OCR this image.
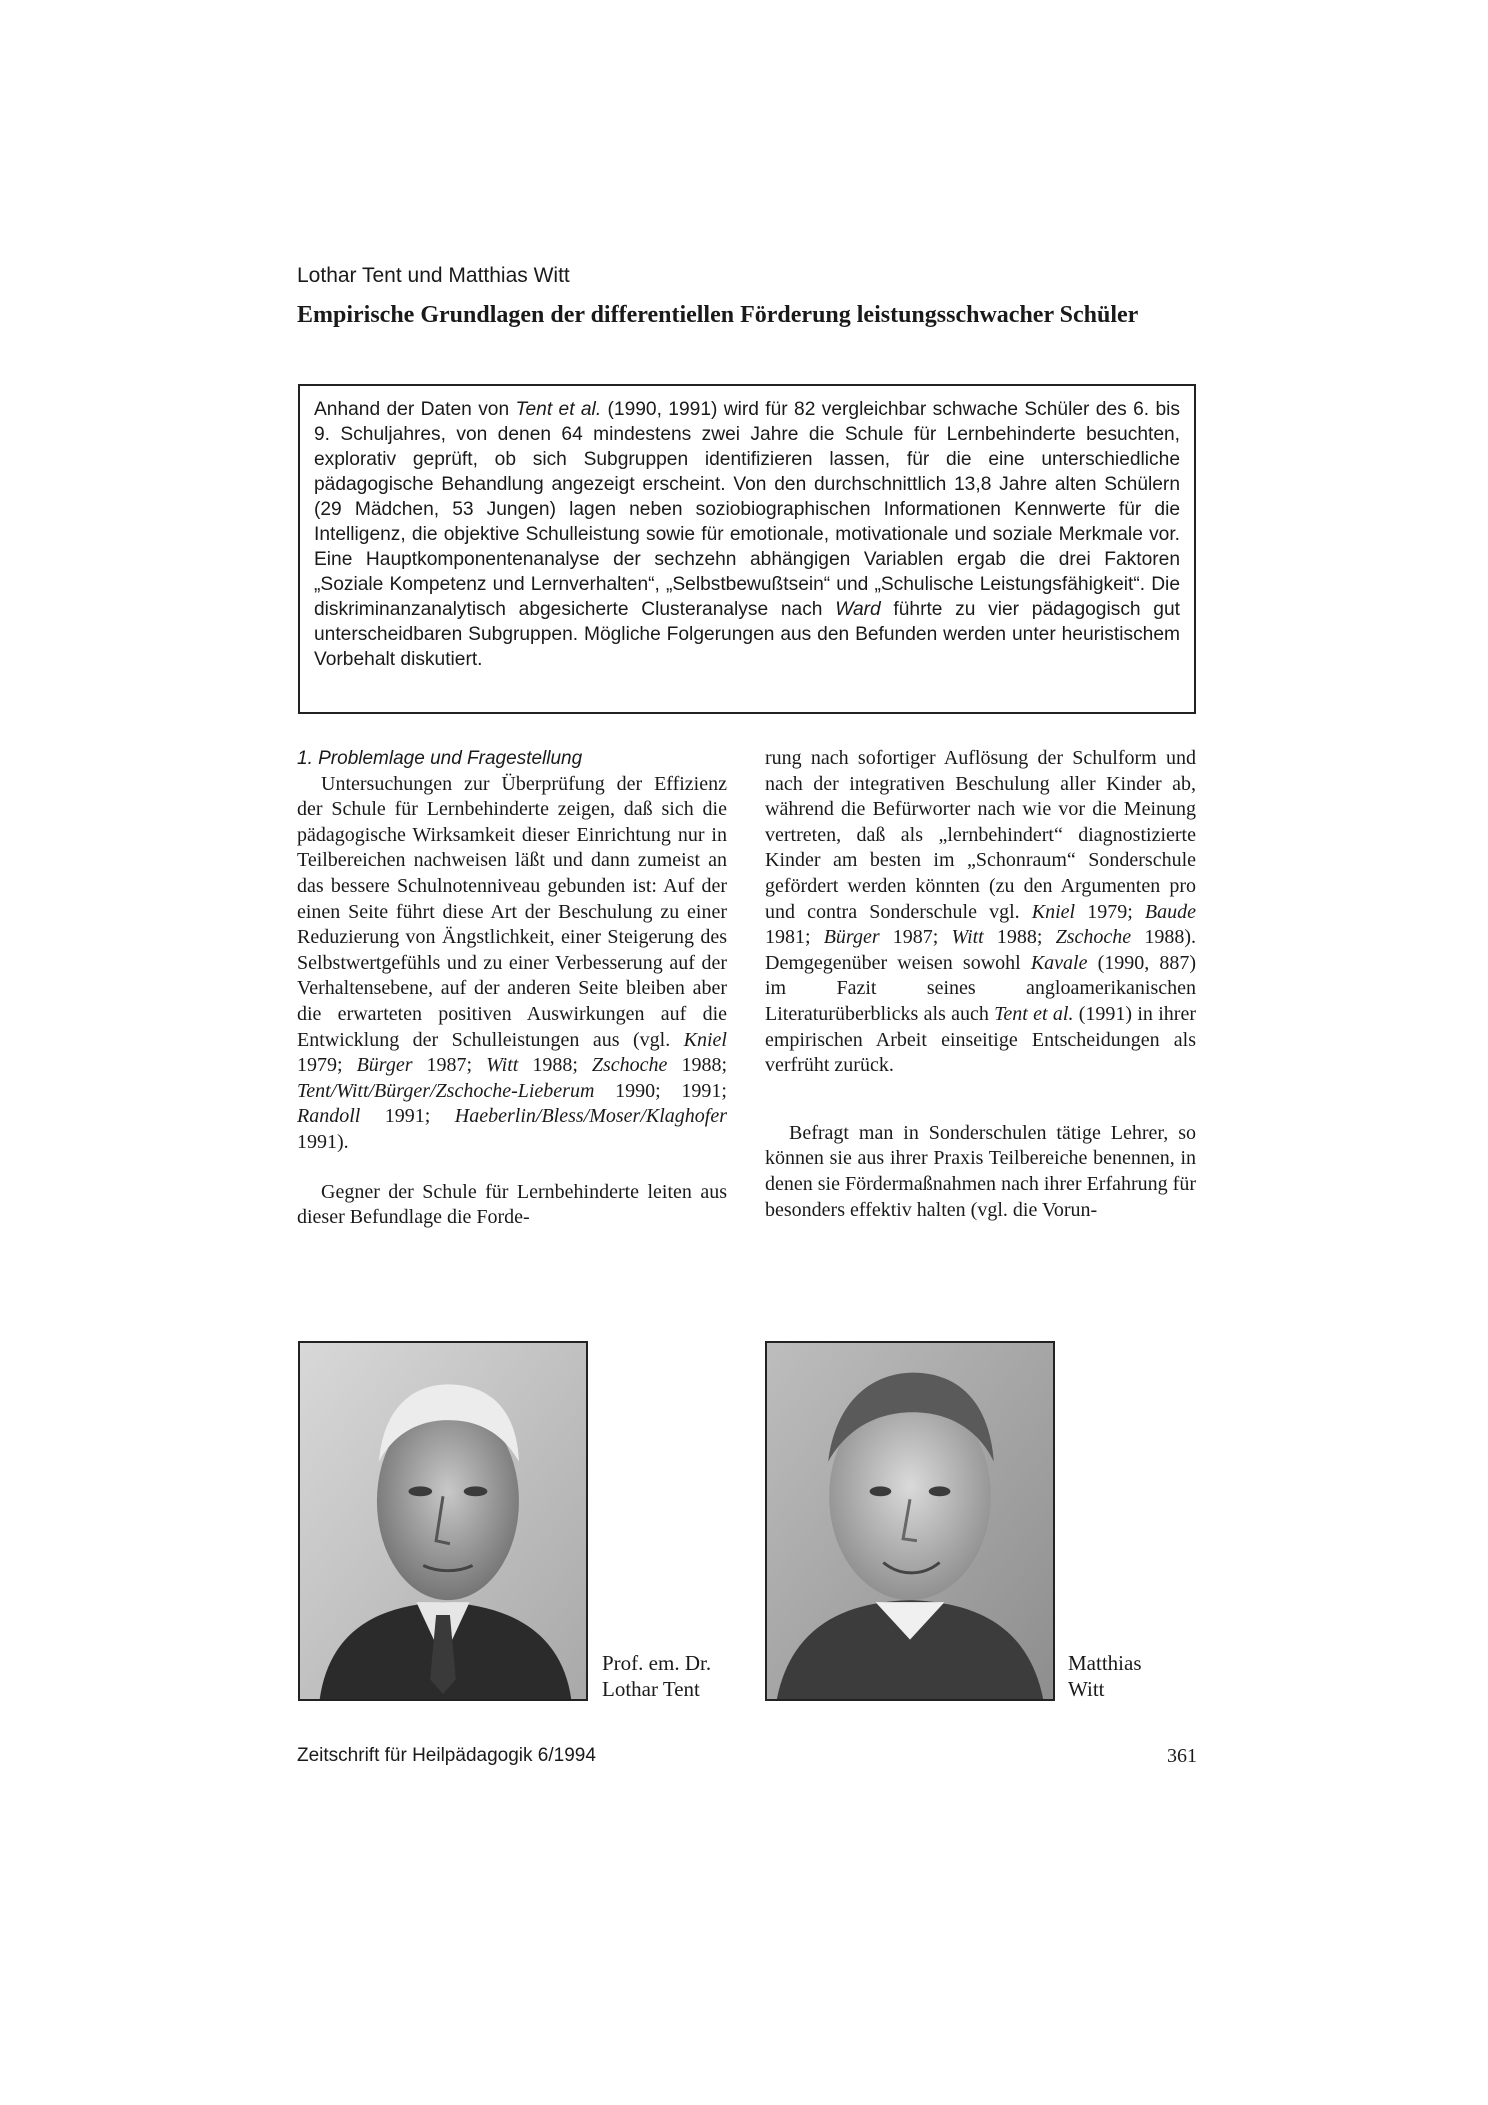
Lothar Tent und Matthias Witt
Empirische Grundlagen der differentiellen Förderung leistungsschwacher Schüler

Anhand der Daten von Tent et al. (1990, 1991) wird für 82 vergleichbar schwache Schüler des 6. bis 9. Schuljahres, von denen 64 mindestens zwei Jahre die Schule für Lernbehinderte besuchten, explorativ geprüft, ob sich Subgruppen identifizieren lassen, für die eine unterschiedliche pädagogische Behandlung angezeigt erscheint. Von den durchschnittlich 13,8 Jahre alten Schülern (29 Mädchen, 53 Jungen) lagen neben soziobiographischen Informationen Kennwerte für die Intelligenz, die objektive Schulleistung sowie für emotionale, motivationale und soziale Merkmale vor. Eine Hauptkomponentenanalyse der sechzehn abhängigen Variablen ergab die drei Faktoren „Soziale Kompetenz und Lernverhalten“, „Selbstbewußtsein“ und „Schulische Leistungsfähigkeit“. Die diskriminanzanalytisch abgesicherte Clusteranalyse nach Ward führte zu vier pädagogisch gut unterscheidbaren Subgruppen. Mögliche Folgerungen aus den Befunden werden unter heuristischem Vorbehalt diskutiert.

1. Problemlage und Fragestellung

Untersuchungen zur Überprüfung der Effizienz der Schule für Lernbehinderte zeigen, daß sich die pädagogische Wirksamkeit dieser Einrichtung nur in Teilbereichen nachweisen läßt und dann zumeist an das bessere Schulnotenniveau gebunden ist: Auf der einen Seite führt diese Art der Beschulung zu einer Reduzierung von Ängstlichkeit, einer Steigerung des Selbstwertgefühls und zu einer Verbesserung auf der Verhaltensebene, auf der anderen Seite bleiben aber die erwarteten positiven Auswirkungen auf die Entwicklung der Schulleistungen aus (vgl. Kniel 1979; Bürger 1987; Witt 1988; Zschoche 1988; Tent/Witt/Bürger/Zschoche-Lieberum 1990; 1991; Randoll 1991; Haeberlin/Bless/Moser/Klaghofer 1991).

Gegner der Schule für Lernbehinderte leiten aus dieser Befundlage die Forde-

rung nach sofortiger Auflösung der Schulform und nach der integrativen Beschulung aller Kinder ab, während die Befürworter nach wie vor die Meinung vertreten, daß als „lernbehindert“ diagnostizierte Kinder am besten im „Schonraum“ Sonderschule gefördert werden könnten (zu den Argumenten pro und contra Sonderschule vgl. Kniel 1979; Baude 1981; Bürger 1987; Witt 1988; Zschoche 1988). Demgegenüber weisen sowohl Kavale (1990, 887) im Fazit seines angloamerikanischen Literaturüberblicks als auch Tent et al. (1991) in ihrer empirischen Arbeit einseitige Entscheidungen als verfrüht zurück.

Befragt man in Sonderschulen tätige Lehrer, so können sie aus ihrer Praxis Teilbereiche benennen, in denen sie Fördermaßnahmen nach ihrer Erfahrung für besonders effektiv halten (vgl. die Vorun-

Prof. em. Dr.
Lothar Tent
Matthias
Witt
Zeitschrift für Heilpädagogik 6/1994	361
